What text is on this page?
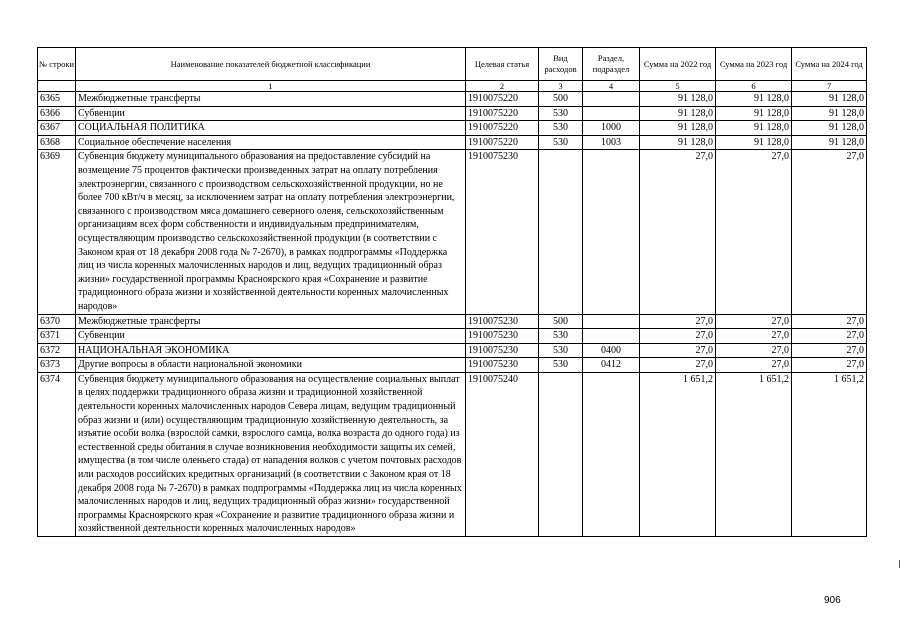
№ строки	Наименование показателей бюджетной классификации	Целевая статья	Вид расходов	Раздел, подраздел	Сумма на 2022 год	Сумма на 2023 год	Сумма на 2024 год
	1	2	3	4	5	6	7
6365	Межбюджетные трансферты	1910075220	500		91 128,0	91 128,0	91 128,0
6366	Субвенции	1910075220	530		91 128,0	91 128,0	91 128,0
6367	СОЦИАЛЬНАЯ ПОЛИТИКА	1910075220	530	1000	91 128,0	91 128,0	91 128,0
6368	Социальное обеспечение населения	1910075220	530	1003	91 128,0	91 128,0	91 128,0
6369	Субвенция бюджету муниципального образования на предоставление субсидий на возмещение 75 процентов фактически произведенных затрат на оплату потребления электроэнергии, связанного с производством сельскохозяйственной продукции, но не более 700 кВт/ч в месяц, за исключением затрат на оплату потребления электроэнергии, связанного с производством мяса домашнего северного оленя, сельскохозяйственным организациям всех форм собственности и индивидуальным предпринимателям, осуществляющим производство сельскохозяйственной продукции (в соответствии с Законом края от 18 декабря 2008 года № 7-2670), в рамках подпрограммы «Поддержка лиц из числа коренных малочисленных народов и лиц, ведущих традиционный образ жизни» государственной программы Красноярского края «Сохранение и развитие традиционного образа жизни и хозяйственной деятельности коренных малочисленных народов»	1910075230			27,0	27,0	27,0
6370	Межбюджетные трансферты	1910075230	500		27,0	27,0	27,0
6371	Субвенции	1910075230	530		27,0	27,0	27,0
6372	НАЦИОНАЛЬНАЯ ЭКОНОМИКА	1910075230	530	0400	27,0	27,0	27,0
6373	Другие вопросы в области национальной экономики	1910075230	530	0412	27,0	27,0	27,0
6374	Субвенция бюджету муниципального образования на осуществление социальных выплат в целях поддержки традиционного образа жизни и традиционной хозяйственной деятельности коренных малочисленных народов Севера лицам, ведущим традиционный образ жизни и (или) осуществляющим традиционную хозяйственную деятельность, за изъятие особи волка (взрослой самки, взрослого самца, волка возраста до одного года) из естественной среды обитания в случае возникновения необходимости защиты их семей, имущества (в том числе оленьего стада) от нападения волков с учетом почтовых расходов или расходов российских кредитных организаций (в соответствии с Законом края от 18 декабря 2008 года № 7-2670) в рамках подпрограммы «Поддержка лиц из числа коренных малочисленных народов и лиц, ведущих традиционный образ жизни» государственной программы Красноярского края «Сохранение и развитие традиционного образа жизни и хозяйственной деятельности коренных малочисленных народов»	1910075240			1 651,2	1 651,2	1 651,2
906
